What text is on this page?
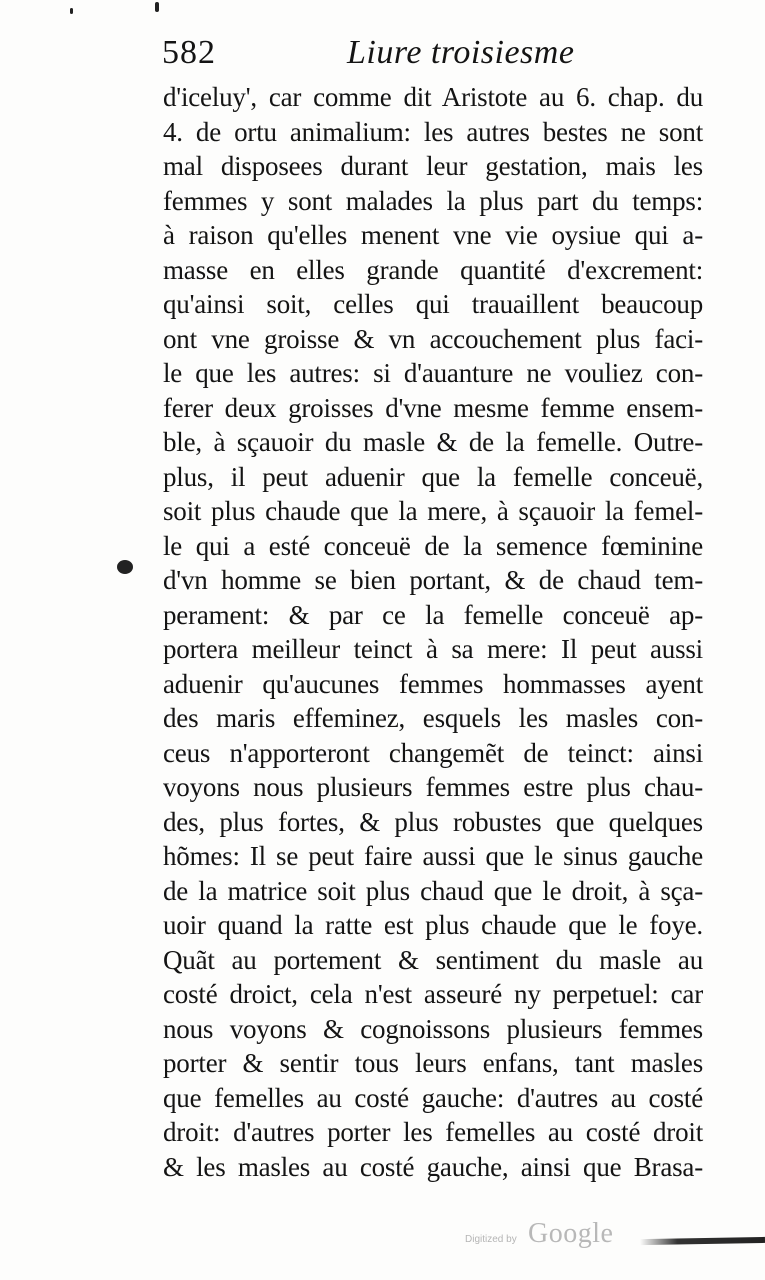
582	Liure troisiesme
d'iceluy', car comme dit Aristote au 6. chap. du
4. de ortu animalium: les autres bestes ne sont
mal disposees durant leur gestation, mais les
femmes y sont malades la plus part du temps:
à raison qu'elles menent vne vie oysiue qui a-
masse en elles grande quantité d'excrement:
qu'ainsi soit, celles qui trauaillent beaucoup
ont vne groisse & vn accouchement plus faci-
le que les autres: si d'auanture ne vouliez con-
ferer deux groisses d'vne mesme femme ensem-
ble, à sçauoir du masle & de la femelle. Outre-
plus, il peut aduenir que la femelle conceuë,
soit plus chaude que la mere, à sçauoir la femel-
le qui a esté conceuë de la semence fœminine
d'vn homme se bien portant, & de chaud tem-
perament: & par ce la femelle conceuë ap-
portera meilleur teinct à sa mere: Il peut aussi
aduenir qu'aucunes femmes hommasses ayent
des maris effeminez, esquels les masles con-
ceus n'apporteront changemẽt de teinct: ainsi
voyons nous plusieurs femmes estre plus chau-
des, plus fortes, & plus robustes que quelques
hõmes: Il se peut faire aussi que le sinus gauche
de la matrice soit plus chaud que le droit, à sça-
uoir quand la ratte est plus chaude que le foye.
Quãt au portement & sentiment du masle au
costé droict, cela n'est asseuré ny perpetuel: car
nous voyons & cognoissons plusieurs femmes
porter & sentir tous leurs enfans, tant masles
que femelles au costé gauche: d'autres au costé
droit: d'autres porter les femelles au costé droit
& les masles au costé gauche, ainsi que Brasa-
Digitized by Google
